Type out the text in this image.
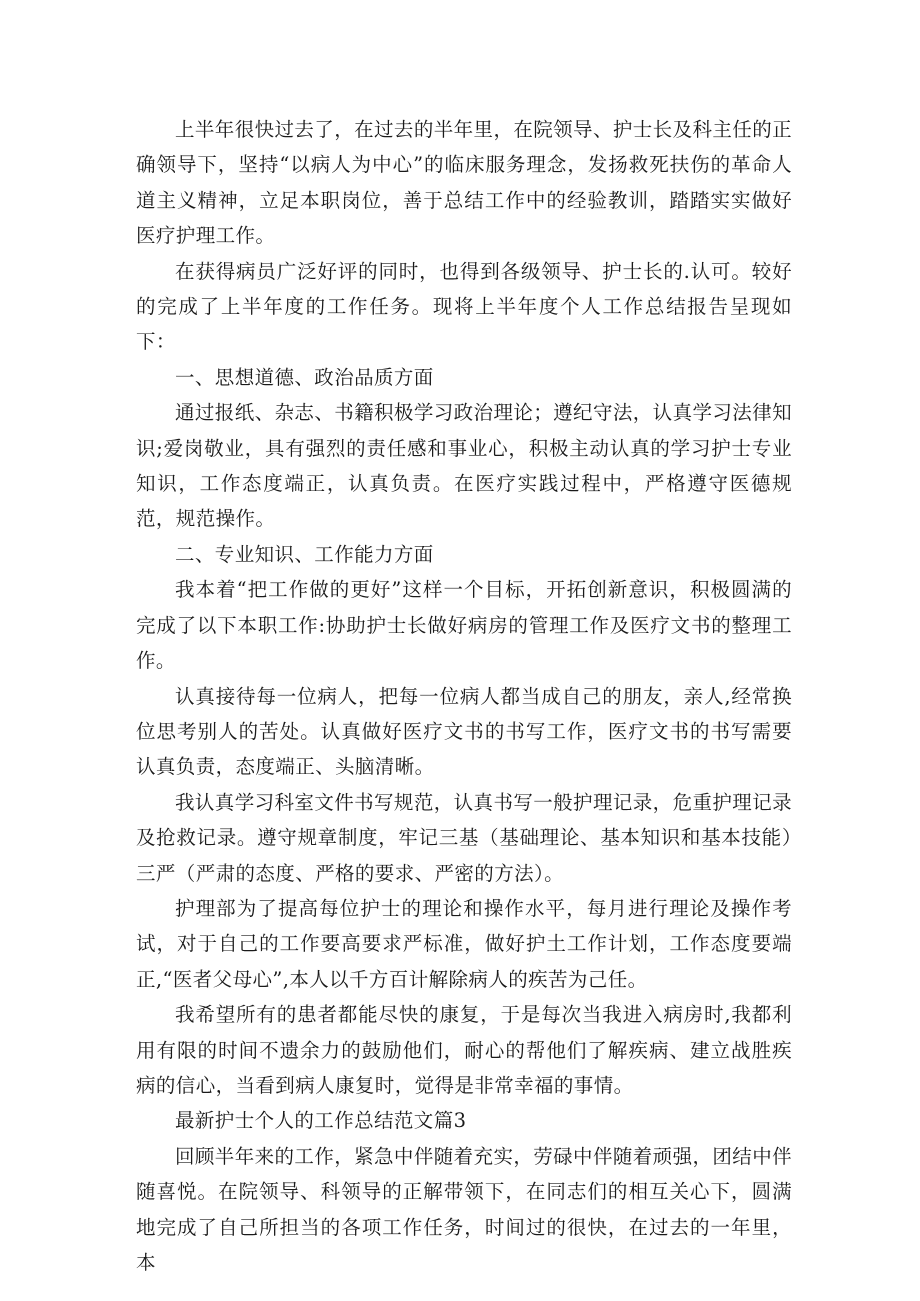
上半年很快过去了，在过去的半年里，在院领导、护士长及科主任的正确领导下，坚持“以病人为中心”的临床服务理念，发扬救死扶伤的革命人道主义精神，立足本职岗位，善于总结工作中的经验教训，踏踏实实做好医疗护理工作。

在获得病员广泛好评的同时，也得到各级领导、护士长的.认可。较好的完成了上半年度的工作任务。现将上半年度个人工作总结报告呈现如下：

一、思想道德、政治品质方面

通过报纸、杂志、书籍积极学习政治理论；遵纪守法，认真学习法律知识;爱岗敬业，具有强烈的责任感和事业心，积极主动认真的学习护士专业知识，工作态度端正，认真负责。在医疗实践过程中，严格遵守医德规范，规范操作。

二、专业知识、工作能力方面

我本着“把工作做的更好”这样一个目标，开拓创新意识，积极圆满的完成了以下本职工作:协助护士长做好病房的管理工作及医疗文书的整理工作。

认真接待每一位病人，把每一位病人都当成自己的朋友，亲人,经常换位思考别人的苦处。认真做好医疗文书的书写工作，医疗文书的书写需要认真负责，态度端正、头脑清晰。

我认真学习科室文件书写规范，认真书写一般护理记录，危重护理记录及抢救记录。遵守规章制度，牢记三基（基础理论、基本知识和基本技能）三严（严肃的态度、严格的要求、严密的方法）。

护理部为了提高每位护士的理论和操作水平，每月进行理论及操作考试，对于自己的工作要高要求严标准，做好护土工作计划，工作态度要端正,“医者父母心”,本人以千方百计解除病人的疾苦为己任。

我希望所有的患者都能尽快的康复，于是每次当我进入病房时,我都利用有限的时间不遗余力的鼓励他们，耐心的帮他们了解疾病、建立战胜疾病的信心，当看到病人康复时，觉得是非常幸福的事情。

最新护士个人的工作总结范文篇3

回顾半年来的工作，紧急中伴随着充实，劳碌中伴随着顽强，团结中伴随喜悦。在院领导、科领导的正解带领下，在同志们的相互关心下，圆满地完成了自己所担当的各项工作任务，时间过的很快，在过去的一年里，本
